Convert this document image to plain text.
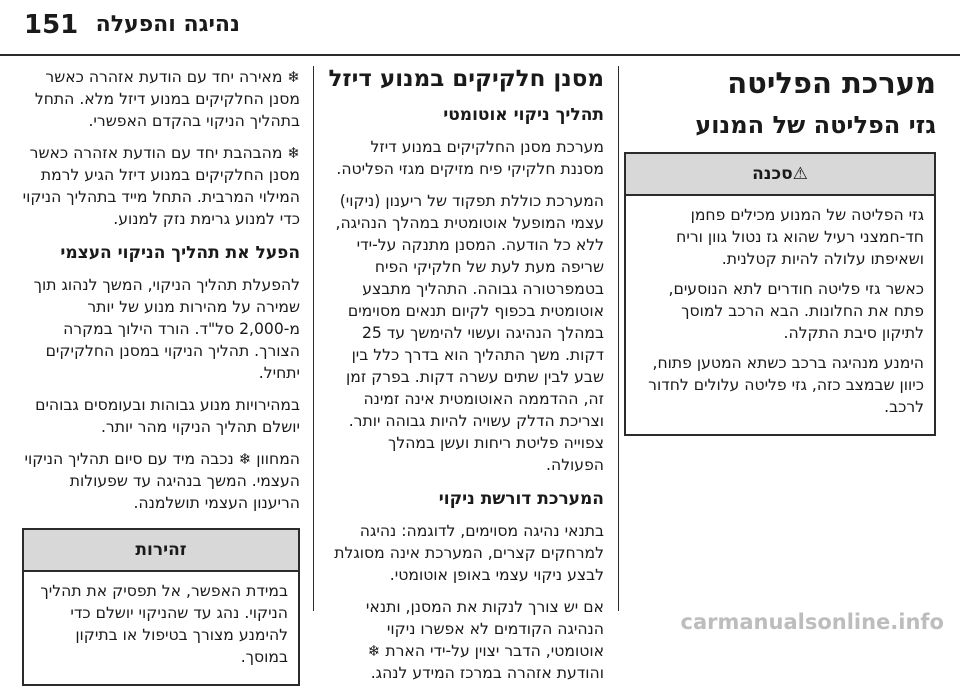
151 נהיגה והפעלה
מערכת הפליטה
גזי הפליטה של המנוע
⚠סכנה

גזי הפליטה של המנוע מכילים פחמן חד-חמצני רעיל שהוא גז נטול גוון וריח ושאיפתו עלולה להיות קטלנית.

כאשר גזי פליטה חודרים לתא הנוסעים, פתח את החלונות. הבא הרכב למוסך לתיקון סיבת התקלה.

הימנע מנהיגה ברכב כשתא המטען פתוח, כיוון שבמצב כזה, גזי פליטה עלולים לחדור לרכב.

מסנן חלקיקים במנוע דיזל
תהליך ניקוי אוטומטי

מערכת מסנן החלקיקים במנוע דיזל מסננת חלקיקי פיח מזיקים מגזי הפליטה.

המערכת כוללת תפקוד של ריענון (ניקוי) עצמי המופעל אוטומטית במהלך הנהיגה, ללא כל הודעה. המסנן מתנקה על-ידי שריפה מעת לעת של חלקיקי הפיח בטמפרטורה גבוהה. התהליך מתבצע אוטומטית בכפוף לקיום תנאים מסוימים במהלך הנהיגה ועשוי להימשך עד 25 דקות. משך התהליך הוא בדרך כלל בין שבע לבין שתים עשרה דקות. בפרק זמן זה, ההדממה האוטומטית אינה זמינה וצריכת הדלק עשויה להיות גבוהה יותר. צפוייה פליטת ריחות ועשן במהלך הפעולה.

המערכת דורשת ניקוי

בתנאי נהיגה מסוימים, לדוגמה: נהיגה למרחקים קצרים, המערכת אינה מסוגלת לבצע ניקוי עצמי באופן אוטומטי.

אם יש צורך לנקות את המסנן, ותנאי הנהיגה הקודמים לא אפשרו ניקוי אוטומטי, הדבר יצוין על-ידי הארת ❄ והודעת אזהרה במרכז המידע לנהג.

❄ מאירה יחד עם הודעת אזהרה כאשר מסנן החלקיקים במנוע דיזל מלא. התחל בתהליך הניקוי בהקדם האפשרי.

❄ מהבהבת יחד עם הודעת אזהרה כאשר מסנן החלקיקים במנוע דיזל הגיע לרמת המילוי המרבית. התחל מייד בתהליך הניקוי כדי למנוע גרימת נזק למנוע.

הפעל את תהליך הניקוי העצמי

להפעלת תהליך הניקוי, המשך לנהוג תוך שמירה על מהירות מנוע של יותר מ-2,000 סל"ד. הורד הילוך במקרה הצורך. תהליך הניקוי במסנן החלקיקים יתחיל.

במהירויות מנוע גבוהות ובעומסים גבוהים יושלם תהליך הניקוי מהר יותר.

המחוון ❄ נכבה מיד עם סיום תהליך הניקוי העצמי. המשך בנהיגה עד שפעולות הריענון העצמי תושלמנה.

זהירות

במידת האפשר, אל תפסיק את תהליך הניקוי. נהג עד שהניקוי יושלם כדי להימנע מצורך בטיפול או בתיקון במוסך.

carmanualsonline.info
